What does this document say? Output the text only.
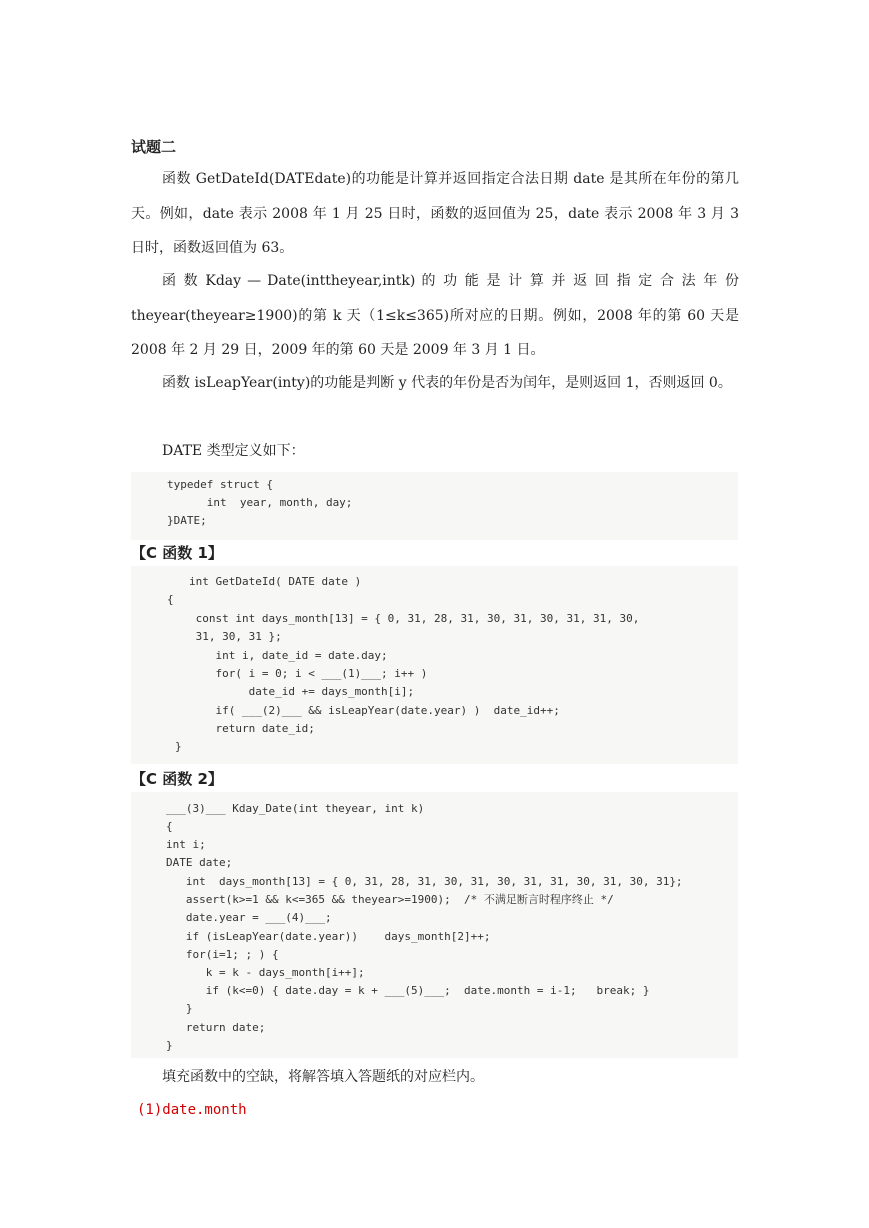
试题二

函数 GetDateId(DATEdate)的功能是计算并返回指定合法日期 date 是其所在年份的第几天。例如，date 表示 2008 年 1 月 25 日时，函数的返回值为 25，date 表示 2008 年 3 月 3 日时，函数返回值为 63。

函 数 Kday — Date(inttheyear,intk) 的 功 能 是 计 算 并 返 回 指 定 合 法 年 份 theyear(theyear≥1900)的第 k 天（1≤k≤365)所对应的日期。例如，2008 年的第 60 天是 2008 年 2 月 29 日，2009 年的第 60 天是 2009 年 3 月 1 日。

函数 isLeapYear(inty)的功能是判断 y 代表的年份是否为闰年，是则返回 1，否则返回 0。

DATE 类型定义如下：

typedef struct {
int  year, month, day;
}DATE;
【C 函数 1】
int GetDateId( DATE date )
{
const int days_month[13] = { 0, 31, 28, 31, 30, 31, 30, 31, 31, 30,
31, 30, 31 };
int i, date_id = date.day;
for( i = 0; i < ___(1)___; i++ )
date_id += days_month[i];
if( ___(2)___ && isLeapYear(date.year) )  date_id++;
return date_id;
}
【C 函数 2】
___(3)___ Kday_Date(int theyear, int k)
{
int i;
DATE date;
int  days_month[13] = { 0, 31, 28, 31, 30, 31, 30, 31, 31, 30, 31, 30, 31};
assert(k>=1 && k<=365 && theyear>=1900);  /* 不满足断言时程序终止 */
date.year = ___(4)___;
if (isLeapYear(date.year))    days_month[2]++;
for(i=1; ; ) {
k = k - days_month[i++];
if (k<=0) { date.day = k + ___(5)___;  date.month = i-1;   break; }
}
return date;
}

填充函数中的空缺，将解答填入答题纸的对应栏内。

(1)date.month
